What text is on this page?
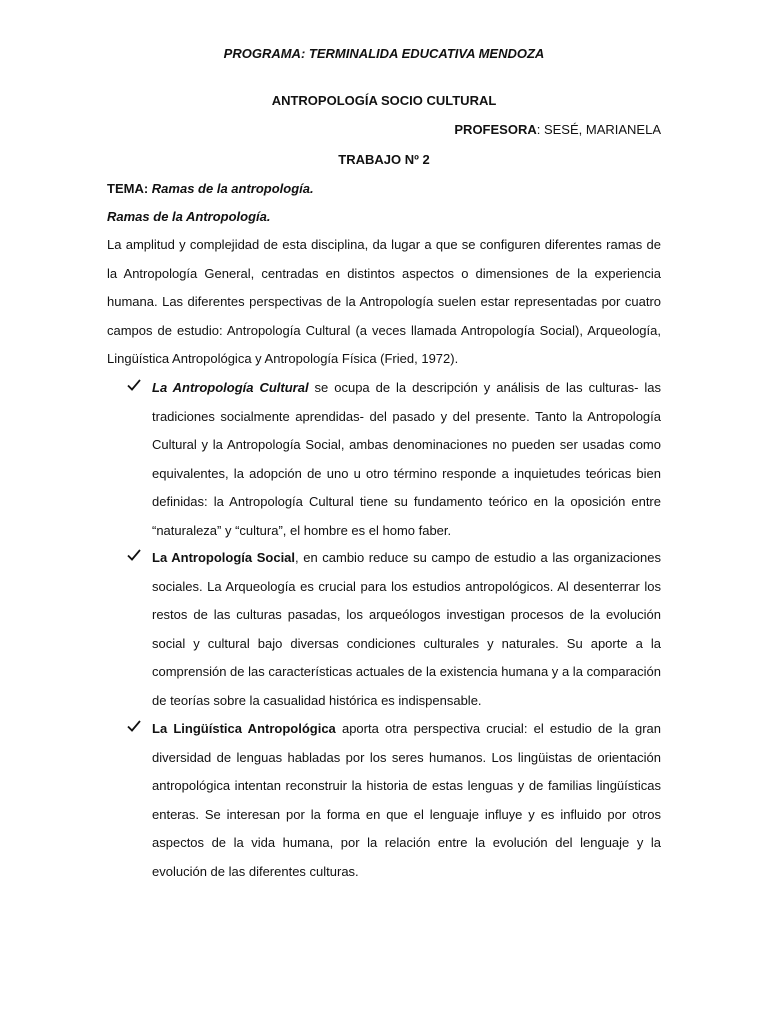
PROGRAMA: TERMINALIDA EDUCATIVA MENDOZA
ANTROPOLOGÍA SOCIO CULTURAL
PROFESORA: SESÉ, MARIANELA
TRABAJO Nº 2
TEMA: Ramas de la antropología.
Ramas de la Antropología.
La amplitud y complejidad de esta disciplina, da lugar a que se configuren diferentes ramas de la Antropología General, centradas en distintos aspectos o dimensiones de la experiencia humana. Las diferentes perspectivas de la Antropología suelen estar representadas por cuatro campos de estudio: Antropología Cultural (a veces llamada Antropología Social), Arqueología, Lingüística Antropológica y Antropología Física (Fried, 1972).
La Antropología Cultural se ocupa de la descripción y análisis de las culturas- las tradiciones socialmente aprendidas- del pasado y del presente. Tanto la Antropología Cultural y la Antropología Social, ambas denominaciones no pueden ser usadas como equivalentes, la adopción de uno u otro término responde a inquietudes teóricas bien definidas: la Antropología Cultural tiene su fundamento teórico en la oposición entre “naturaleza” y “cultura”, el hombre es el homo faber.
La Antropología Social, en cambio reduce su campo de estudio a las organizaciones sociales. La Arqueología es crucial para los estudios antropológicos. Al desenterrar los restos de las culturas pasadas, los arqueólogos investigan procesos de la evolución social y cultural bajo diversas condiciones culturales y naturales. Su aporte a la comprensión de las características actuales de la existencia humana y a la comparación de teorías sobre la casualidad histórica es indispensable.
La Lingüística Antropológica aporta otra perspectiva crucial: el estudio de la gran diversidad de lenguas habladas por los seres humanos. Los lingüistas de orientación antropológica intentan reconstruir la historia de estas lenguas y de familias lingüísticas enteras. Se interesan por la forma en que el lenguaje influye y es influido por otros aspectos de la vida humana, por la relación entre la evolución del lenguaje y la evolución de las diferentes culturas.
